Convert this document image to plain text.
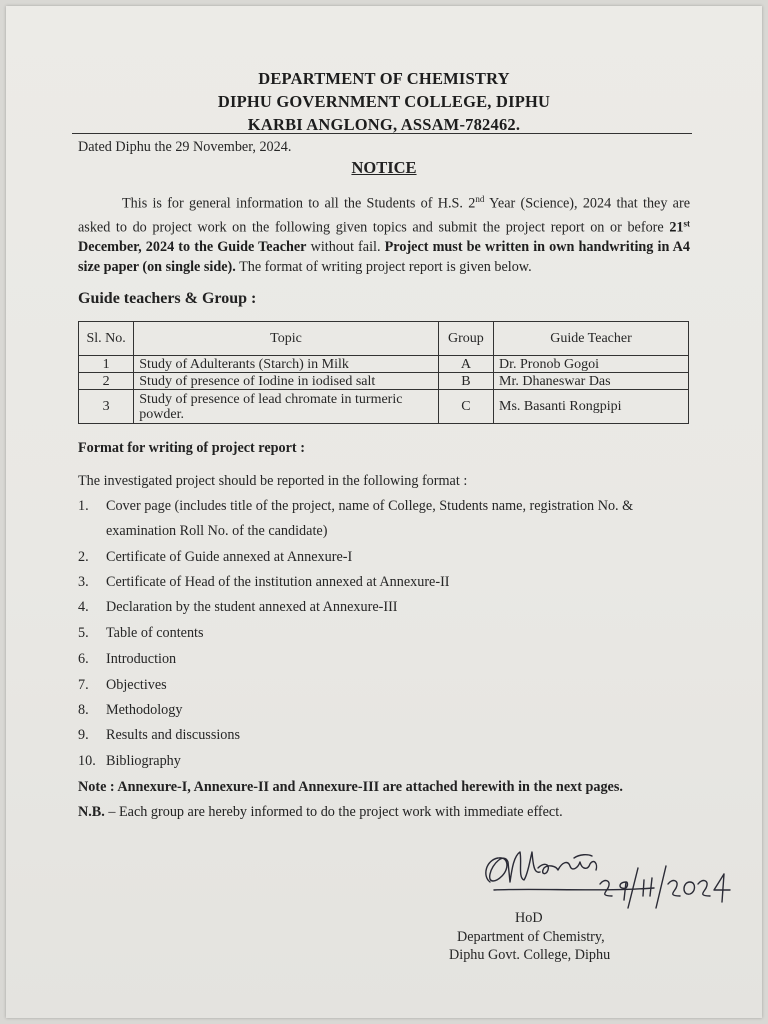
DEPARTMENT OF CHEMISTRY
DIPHU GOVERNMENT COLLEGE, DIPHU
KARBI ANGLONG, ASSAM-782462.
Dated Diphu the 29 November, 2024.
NOTICE
This is for general information to all the Students of H.S. 2nd Year (Science), 2024 that they are asked to do project work on the following given topics and submit the project report on or before 21st December, 2024 to the Guide Teacher without fail. Project must be written in own handwriting in A4 size paper (on single side). The format of writing project report is given below.
Guide teachers & Group :
Sl. No.	Topic	Group	Guide Teacher
1	Study of Adulterants (Starch) in Milk	A	Dr. Pronob Gogoi
2	Study of presence of Iodine in iodised salt	B	Mr. Dhaneswar Das
3	Study of presence of lead chromate in turmeric powder.	C	Ms. Basanti Rongpipi
Format for writing of project report :
The investigated project should be reported in the following format :
1.	Cover page (includes title of the project, name of College, Students name, registration No. &
examination Roll No. of the candidate)
2.	Certificate of Guide annexed at Annexure-I
3.	Certificate of Head of the institution annexed at Annexure-II
4.	Declaration by the student annexed at Annexure-III
5.	Table of contents
6.	Introduction
7.	Objectives
8.	Methodology
9.	Results and discussions
10. Bibliography
Note : Annexure-I, Annexure-II and Annexure-III are attached herewith in the next pages.
N.B. – Each group are hereby informed to do the project work with immediate effect.
HoD
Department of Chemistry,
Diphu Govt. College, Diphu
